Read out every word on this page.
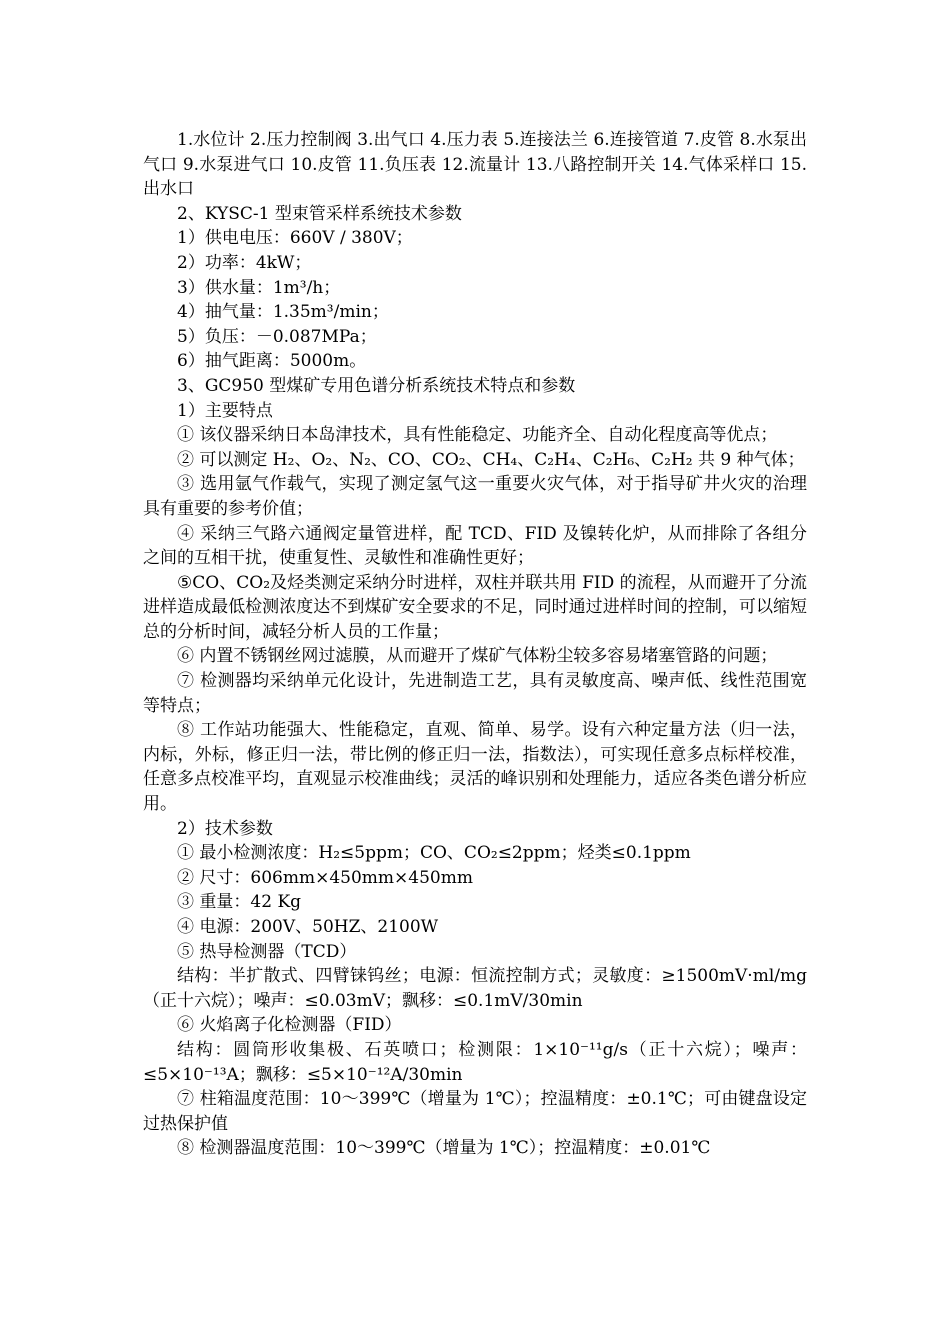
1.水位计 2.压力控制阀 3.出气口 4.压力表 5.连接法兰 6.连接管道 7.皮管 8.水泵出气口 9.水泵进气口 10.皮管 11.负压表 12.流量计 13.八路控制开关 14.气体采样口 15.出水口

2、KYSC-1 型束管采样系统技术参数

1）供电电压：660V / 380V；

2）功率：4kW；

3）供水量：1m³/h；

4）抽气量：1.35m³/min；

5）负压：－0.087MPa；

6）抽气距离：5000m。

3、GC950 型煤矿专用色谱分析系统技术特点和参数

1）主要特点

① 该仪器采纳日本岛津技术，具有性能稳定、功能齐全、自动化程度高等优点；

② 可以测定 H₂、O₂、N₂、CO、CO₂、CH₄、C₂H₄、C₂H₆、C₂H₂ 共 9 种气体；

③ 选用氩气作载气，实现了测定氢气这一重要火灾气体，对于指导矿井火灾的治理具有重要的参考价值；

④ 采纳三气路六通阀定量管进样，配 TCD、FID 及镍转化炉，从而排除了各组分之间的互相干扰，使重复性、灵敏性和准确性更好；

⑤CO、CO₂及烃类测定采纳分时进样，双柱并联共用 FID 的流程，从而避开了分流进样造成最低检测浓度达不到煤矿安全要求的不足，同时通过进样时间的控制，可以缩短总的分析时间，减轻分析人员的工作量；

⑥ 内置不锈钢丝网过滤膜，从而避开了煤矿气体粉尘较多容易堵塞管路的问题；

⑦ 检测器均采纳单元化设计，先进制造工艺，具有灵敏度高、噪声低、线性范围宽等特点；

⑧ 工作站功能强大、性能稳定，直观、简单、易学。设有六种定量方法（归一法，内标，外标，修正归一法，带比例的修正归一法，指数法），可实现任意多点标样校准，任意多点校准平均，直观显示校准曲线；灵活的峰识别和处理能力，适应各类色谱分析应用。

2）技术参数

① 最小检测浓度：H₂≤5ppm；CO、CO₂≤2ppm；烃类≤0.1ppm

② 尺寸：606mm×450mm×450mm

③ 重量：42 Kg

④ 电源：200V、50HZ、2100W

⑤ 热导检测器（TCD）

结构：半扩散式、四臂铼钨丝；电源：恒流控制方式；灵敏度：≥1500mV·ml/mg（正十六烷）；噪声：≤0.03mV；飘移：≤0.1mV/30min

⑥ 火焰离子化检测器（FID）

结构：圆筒形收集极、石英喷口；检测限：1×10⁻¹¹g/s（正十六烷）；噪声：≤5×10⁻¹³A；飘移：≤5×10⁻¹²A/30min

⑦ 柱箱温度范围：10～399℃（增量为 1℃）；控温精度：±0.1℃；可由键盘设定过热保护值

⑧ 检测器温度范围：10～399℃（增量为 1℃）；控温精度：±0.01℃
